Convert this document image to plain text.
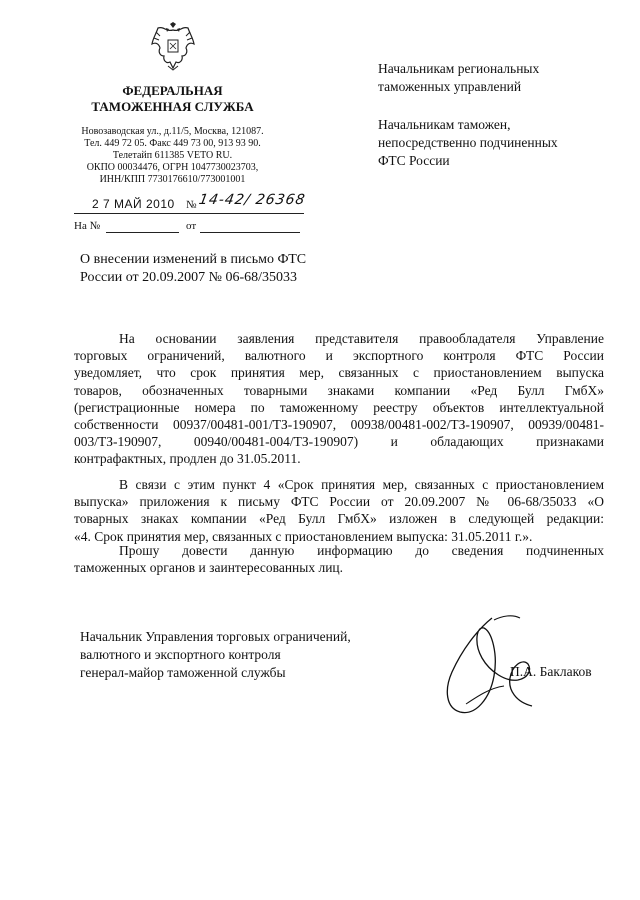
ФЕДЕРАЛЬНАЯ
ТАМОЖЕННАЯ СЛУЖБА
Новозаводская ул., д.11/5, Москва, 121087.
Тел. 449 72 05. Факс 449 73 00, 913 93 90.
Телетайп 611385 VETO RU.
ОКПО 00034476, ОГРН 1047730023703,
ИНН/КПП 7730176610/773001001
2 7 МАЙ 2010 № 14-42/ 26368
На №	от
Начальникам региональных
таможенных управлений
Начальникам таможен,
непосредственно подчиненных
ФТС России
О внесении изменений в письмо ФТС
России от 20.09.2007 № 06-68/35033

На основании заявления представителя правообладателя Управление

торговых ограничений, валютного и экспортного контроля ФТС России

уведомляет, что срок принятия мер, связанных с приостановлением выпуска

товаров, обозначенных товарными знаками компании «Ред Булл ГмбХ»

(регистрационные номера по таможенному реестру объектов интеллектуальной

собственности 00937/00481-001/ТЗ-190907, 00938/00481-002/ТЗ-190907, 00939/00481-

003/ТЗ-190907, 00940/00481-004/ТЗ-190907) и обладающих признаками

контрафактных, продлен до 31.05.2011.

В связи с этим пункт 4 «Срок принятия мер, связанных с приостановлением

выпуска» приложения к письму ФТС России от 20.09.2007 № 06-68/35033 «О

товарных знаках компании «Ред Булл ГмбХ» изложен в следующей редакции:

«4. Срок принятия мер, связанных с приостановлением выпуска: 31.05.2011 г.».

Прошу довести данную информацию до сведения подчиненных

таможенных органов и заинтересованных лиц.

Начальник Управления торговых ограничений,
валютного и экспортного контроля
генерал-майор таможенной службы	П.А. Баклаков
